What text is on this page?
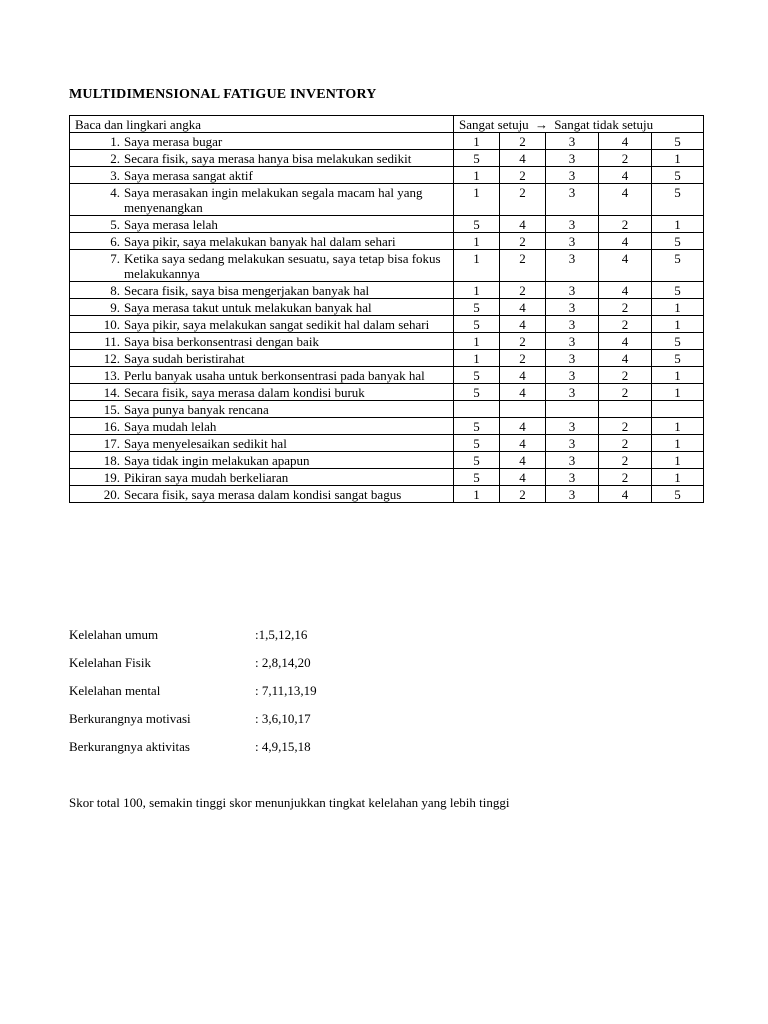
MULTIDIMENSIONAL FATIGUE INVENTORY
Baca dan lingkari angka	Sangat setuju → Sangat tidak setuju				

1. Saya merasa bugar	1	2	3	4	5

2. Secara fisik, saya merasa hanya bisa melakukan sedikit	5	4	3	2	1

3. Saya merasa sangat aktif	1	2	3	4	5

4. Saya merasakan ingin melakukan segala macam hal yang menyenangkan	1	2	3	4	5

5. Saya merasa lelah	5	4	3	2	1

6. Saya pikir, saya melakukan banyak hal dalam sehari	1	2	3	4	5

7. Ketika saya sedang melakukan sesuatu, saya tetap bisa fokus melakukannya	1	2	3	4	5

8. Secara fisik, saya bisa mengerjakan banyak hal	1	2	3	4	5

9. Saya merasa takut untuk melakukan banyak hal	5	4	3	2	1

10. Saya pikir, saya melakukan sangat sedikit hal dalam sehari	5	4	3	2	1

11. Saya bisa berkonsentrasi dengan baik	1	2	3	4	5

12. Saya sudah beristirahat	1	2	3	4	5

13. Perlu banyak usaha untuk berkonsentrasi pada banyak hal	5	4	3	2	1

14. Secara fisik, saya merasa dalam kondisi buruk	5	4	3	2	1

15. Saya punya banyak rencana					

16. Saya mudah lelah	5	4	3	2	1

17. Saya menyelesaikan sedikit hal	5	4	3	2	1

18. Saya tidak ingin melakukan apapun	5	4	3	2	1

19. Pikiran saya mudah berkeliaran	5	4	3	2	1

20. Secara fisik, saya merasa dalam kondisi sangat bagus	1	2	3	4	5
Kelelahan umum	:1,5,12,16
Kelelahan Fisik	: 2,8,14,20
Kelelahan mental	: 7,11,13,19
Berkurangnya motivasi	: 3,6,10,17
Berkurangnya aktivitas	: 4,9,15,18
Skor total 100, semakin tinggi skor menunjukkan tingkat kelelahan yang lebih tinggi
